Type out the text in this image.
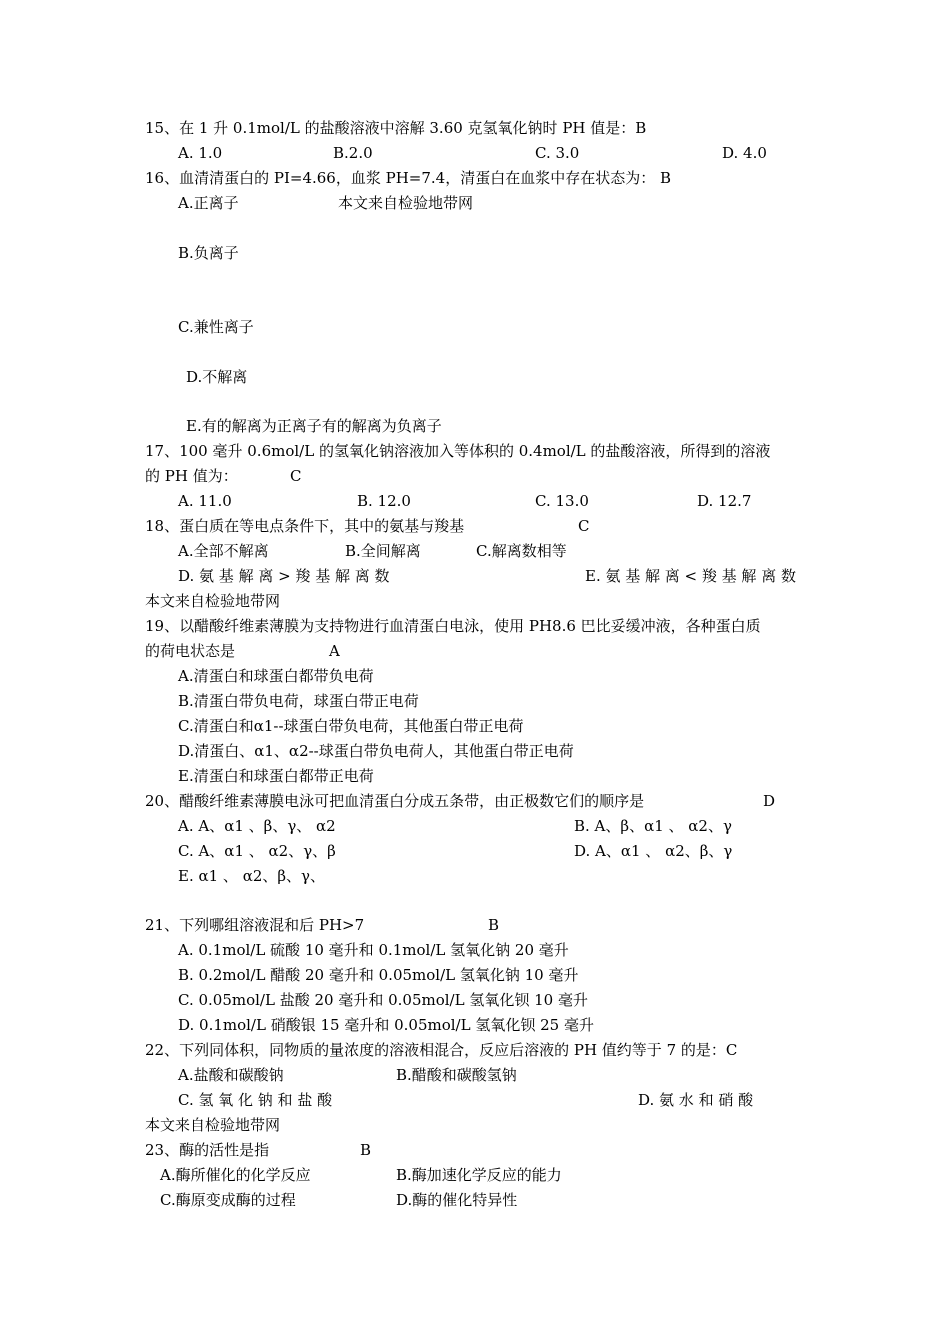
15、在 1 升 0.1mol/L 的盐酸溶液中溶解 3.60 克氢氧化钠时 PH 值是：B
A. 1.0	B.2.0	C. 3.0	D. 4.0
16、血清清蛋白的 PI=4.66，血浆 PH=7.4，清蛋白在血浆中存在状态为： B
A.正离子	本文来自检验地带网
B.负离子
C.兼性离子
D.不解离
E.有的解离为正离子有的解离为负离子
17、100 毫升 0.6mol/L 的氢氧化钠溶液加入等体积的 0.4mol/L 的盐酸溶液，所得到的溶液
的 PH 值为：	C
A. 11.0	B. 12.0	C. 13.0	D. 12.7
18、蛋白质在等电点条件下，其中的氨基与羧基	C
A.全部不解离	B.全间解离	C.解离数相等
D. 氨 基 解 离 > 羧 基 解 离 数	E. 氨 基 解 离 < 羧 基 解 离 数
本文来自检验地带网
19、以醋酸纤维素薄膜为支持物进行血清蛋白电泳，使用 PH8.6 巴比妥缓冲液，各种蛋白质
的荷电状态是	A
A.清蛋白和球蛋白都带负电荷
B.清蛋白带负电荷，球蛋白带正电荷
C.清蛋白和α1--球蛋白带负电荷，其他蛋白带正电荷
D.清蛋白、α1、α2--球蛋白带负电荷人，其他蛋白带正电荷
E.清蛋白和球蛋白都带正电荷
20、醋酸纤维素薄膜电泳可把血清蛋白分成五条带，由正极数它们的顺序是	D
A. A、α1 、β、γ、 α2	B. A、β、α1 、 α2、γ
C. A、α1 、 α2、γ、β	D. A、α1 、 α2、β、γ
E. α1 、 α2、β、γ、
21、下列哪组溶液混和后 PH>7	B
A. 0.1mol/L 硫酸 10 毫升和 0.1mol/L 氢氧化钠 20 毫升
B. 0.2mol/L 醋酸 20 毫升和 0.05mol/L 氢氧化钠 10 毫升
C. 0.05mol/L 盐酸 20 毫升和 0.05mol/L 氢氧化钡 10 毫升
D. 0.1mol/L 硝酸银 15 毫升和 0.05mol/L 氢氧化钡 25 毫升
22、下列同体积，同物质的量浓度的溶液相混合，反应后溶液的 PH 值约等于 7 的是：C
A.盐酸和碳酸钠	B.醋酸和碳酸氢钠
C. 氢 氧 化 钠 和 盐 酸	D. 氨 水 和 硝 酸
本文来自检验地带网
23、酶的活性是指	B
A.酶所催化的化学反应	B.酶加速化学反应的能力
C.酶原变成酶的过程	D.酶的催化特异性
